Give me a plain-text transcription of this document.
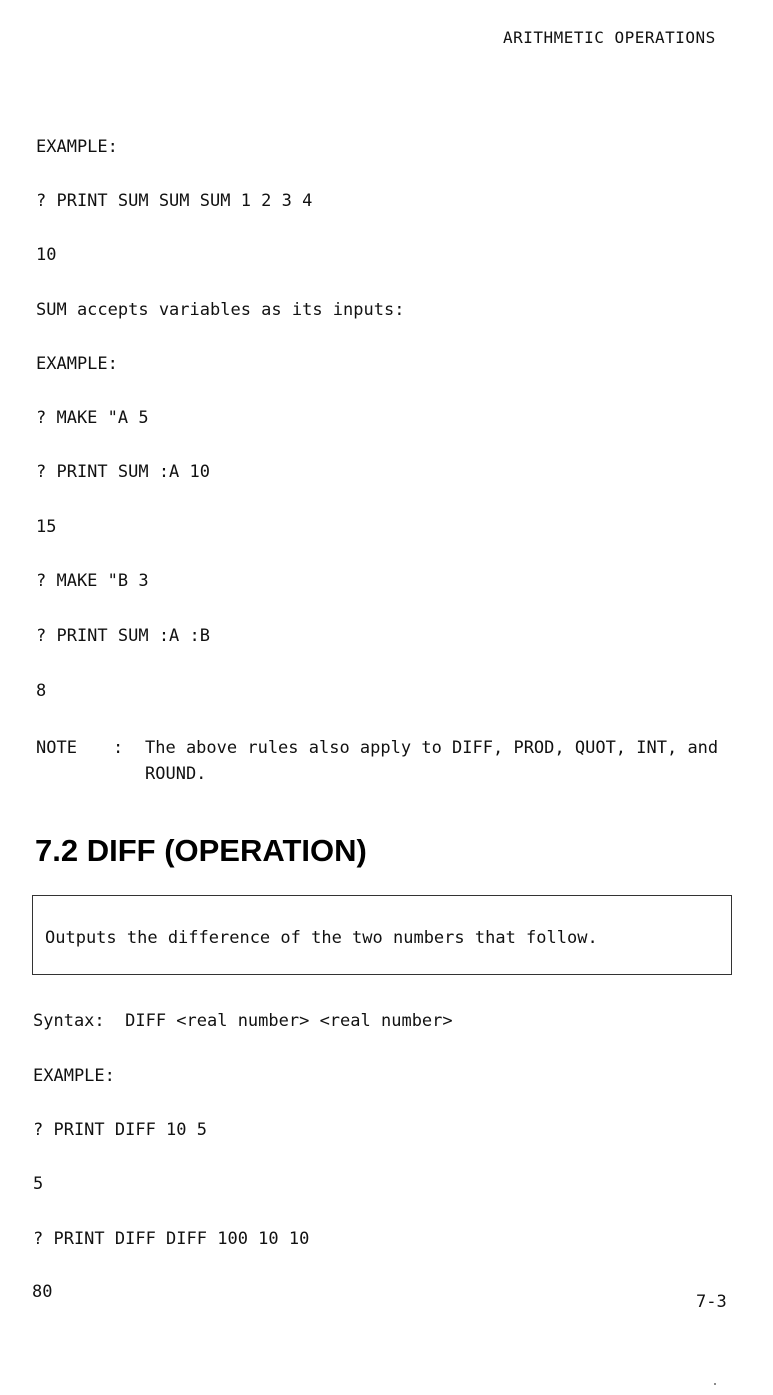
ARITHMETIC OPERATIONS
EXAMPLE:
? PRINT SUM SUM SUM 1 2 3 4
10
SUM accepts variables as its inputs:
EXAMPLE:
? MAKE "A 5
? PRINT SUM :A 10
15
? MAKE "B 3
? PRINT SUM :A :B
8
NOTE : The above rules also apply to DIFF, PROD, QUOT, INT, and ROUND.
7.2 DIFF (OPERATION)
Outputs the difference of the two numbers that follow.
Syntax:  DIFF <real number> <real number>
EXAMPLE:
? PRINT DIFF 10 5
5
? PRINT DIFF DIFF 100 10 10
80	7-3
